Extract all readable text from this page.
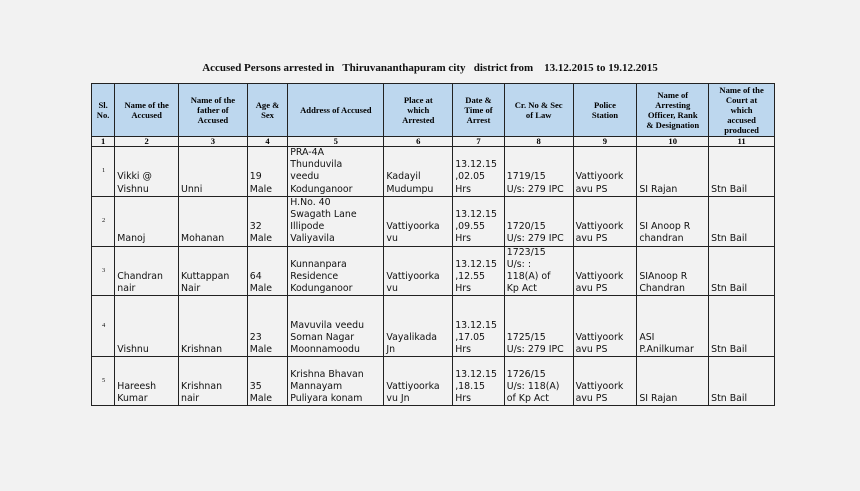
Accused Persons arrested in   Thiruvananthapuram city   district from    13.12.2015 to 19.12.2015
Sl.
No.	Name of the
Accused	Name of the
father of
Accused	Age &
Sex	Address of Accused	Place at
which
Arrested	Date &
Time of
Arrest	Cr. No & Sec
of Law	Police
Station	Name of
Arresting
Officer, Rank
& Designation	Name of the
Court at
which
accused
produced
1	2	3	4	5	6	7	8	9	10	11
1	Vikki @
Vishnu	Unni	19
Male	PRA-4A
Thunduvila
veedu
Kodunganoor	Kadayil
Mudumpu	13.12.15
,02.05
Hrs	1719/15
U/s: 279 IPC	Vattiyoork
avu PS	SI Rajan	Stn Bail
2	Manoj	Mohanan	32
Male	H.No. 40
Swagath Lane
Illipode
Valiyavila	Vattiyoorka
vu	13.12.15
,09.55
Hrs	1720/15
U/s: 279 IPC	Vattiyoork
avu PS	SI Anoop R
chandran	Stn Bail
3	Chandran
nair	Kuttappan
Nair	64
Male	Kunnanpara
Residence
Kodunganoor	Vattiyoorka
vu	13.12.15
,12.55
Hrs	1723/15
U/s: :
118(A) of
Kp Act	Vattiyoork
avu PS	SIAnoop R
Chandran	Stn Bail
4	Vishnu	Krishnan	23
Male	Mavuvila veedu
Soman Nagar
Moonnamoodu	Vayalikada
Jn	13.12.15
,17.05
Hrs	1725/15
U/s: 279 IPC	Vattiyoork
avu PS	ASI
P.Anilkumar	Stn Bail
5	Hareesh
Kumar	Krishnan
nair	35
Male	Krishna Bhavan
Mannayam
Puliyara konam	Vattiyoorka
vu Jn	13.12.15
,18.15
Hrs	1726/15
U/s: 118(A)
of Kp Act	Vattiyoork
avu PS	SI Rajan	Stn Bail
